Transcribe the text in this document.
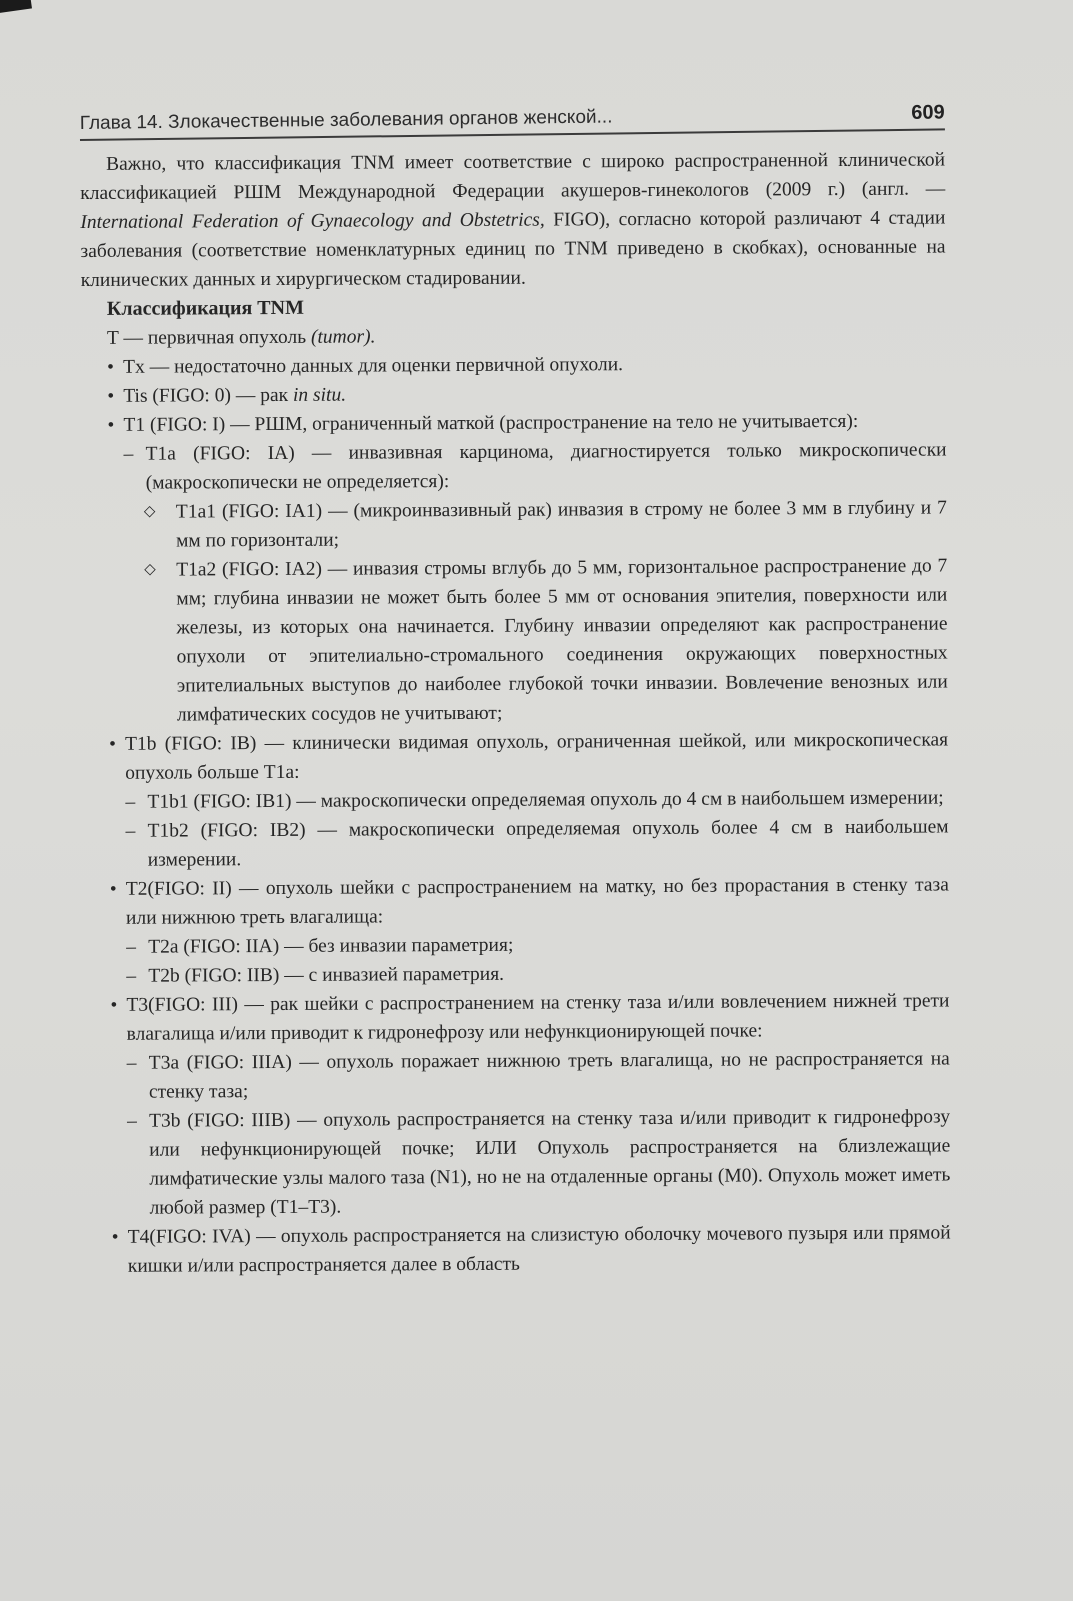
Глава 14. Злокачественные заболевания органов женской...	609

Важно, что классификация TNM имеет соответствие с широко распространенной клинической классификацией РШМ Международной Федерации акушеров-гинекологов (2009 г.) (англ. — International Federation of Gynaecology and Obstetrics, FIGO), согласно которой различают 4 стадии заболевания (соответствие номенклатурных единиц по TNM приведено в скобках), основанные на клинических данных и хирургическом стадировании.

Классификация TNM

T — первичная опухоль (tumor).

• Tx — недостаточно данных для оценки первичной опухоли.

• Tis (FIGO: 0) — рак in situ.

• T1 (FIGO: I) — РШМ, ограниченный маткой (распространение на тело не учитывается):

– T1a (FIGO: IA) — инвазивная карцинома, диагностируется только микроскопически (макроскопически не определяется):

◇ T1a1 (FIGO: IA1) — (микроинвазивный рак) инвазия в строму не более 3 мм в глубину и 7 мм по горизонтали;

◇ T1a2 (FIGO: IA2) — инвазия стромы вглубь до 5 мм, горизонтальное распространение до 7 мм; глубина инвазии не может быть более 5 мм от основания эпителия, поверхности или железы, из которых она начинается. Глубину инвазии определяют как распространение опухоли от эпителиально-стромального соединения окружающих поверхностных эпителиальных выступов до наиболее глубокой точки инвазии. Вовлечение венозных или лимфатических сосудов не учитывают;

• T1b (FIGO: IB) — клинически видимая опухоль, ограниченная шейкой, или микроскопическая опухоль больше T1a:

– T1b1 (FIGO: IB1) — макроскопически определяемая опухоль до 4 см в наибольшем измерении;

– T1b2 (FIGO: IB2) — макроскопически определяемая опухоль более 4 см в наибольшем измерении.

• T2(FIGO: II) — опухоль шейки с распространением на матку, но без прорастания в стенку таза или нижнюю треть влагалища:

– T2a (FIGO: IIA) — без инвазии параметрия;

– T2b (FIGO: IIB) — с инвазией параметрия.

• T3(FIGO: III) — рак шейки с распространением на стенку таза и/или вовлечением нижней трети влагалища и/или приводит к гидронефрозу или нефункционирующей почке:

– T3a (FIGO: IIIA) — опухоль поражает нижнюю треть влагалища, но не распространяется на стенку таза;

– T3b (FIGO: IIIB) — опухоль распространяется на стенку таза и/или приводит к гидронефрозу или нефункционирующей почке; ИЛИ Опухоль распространяется на близлежащие лимфатические узлы малого таза (N1), но не на отдаленные органы (M0). Опухоль может иметь любой размер (T1–T3).

• T4(FIGO: IVA) — опухоль распространяется на слизистую оболочку мочевого пузыря или прямой кишки и/или распространяется далее в область
